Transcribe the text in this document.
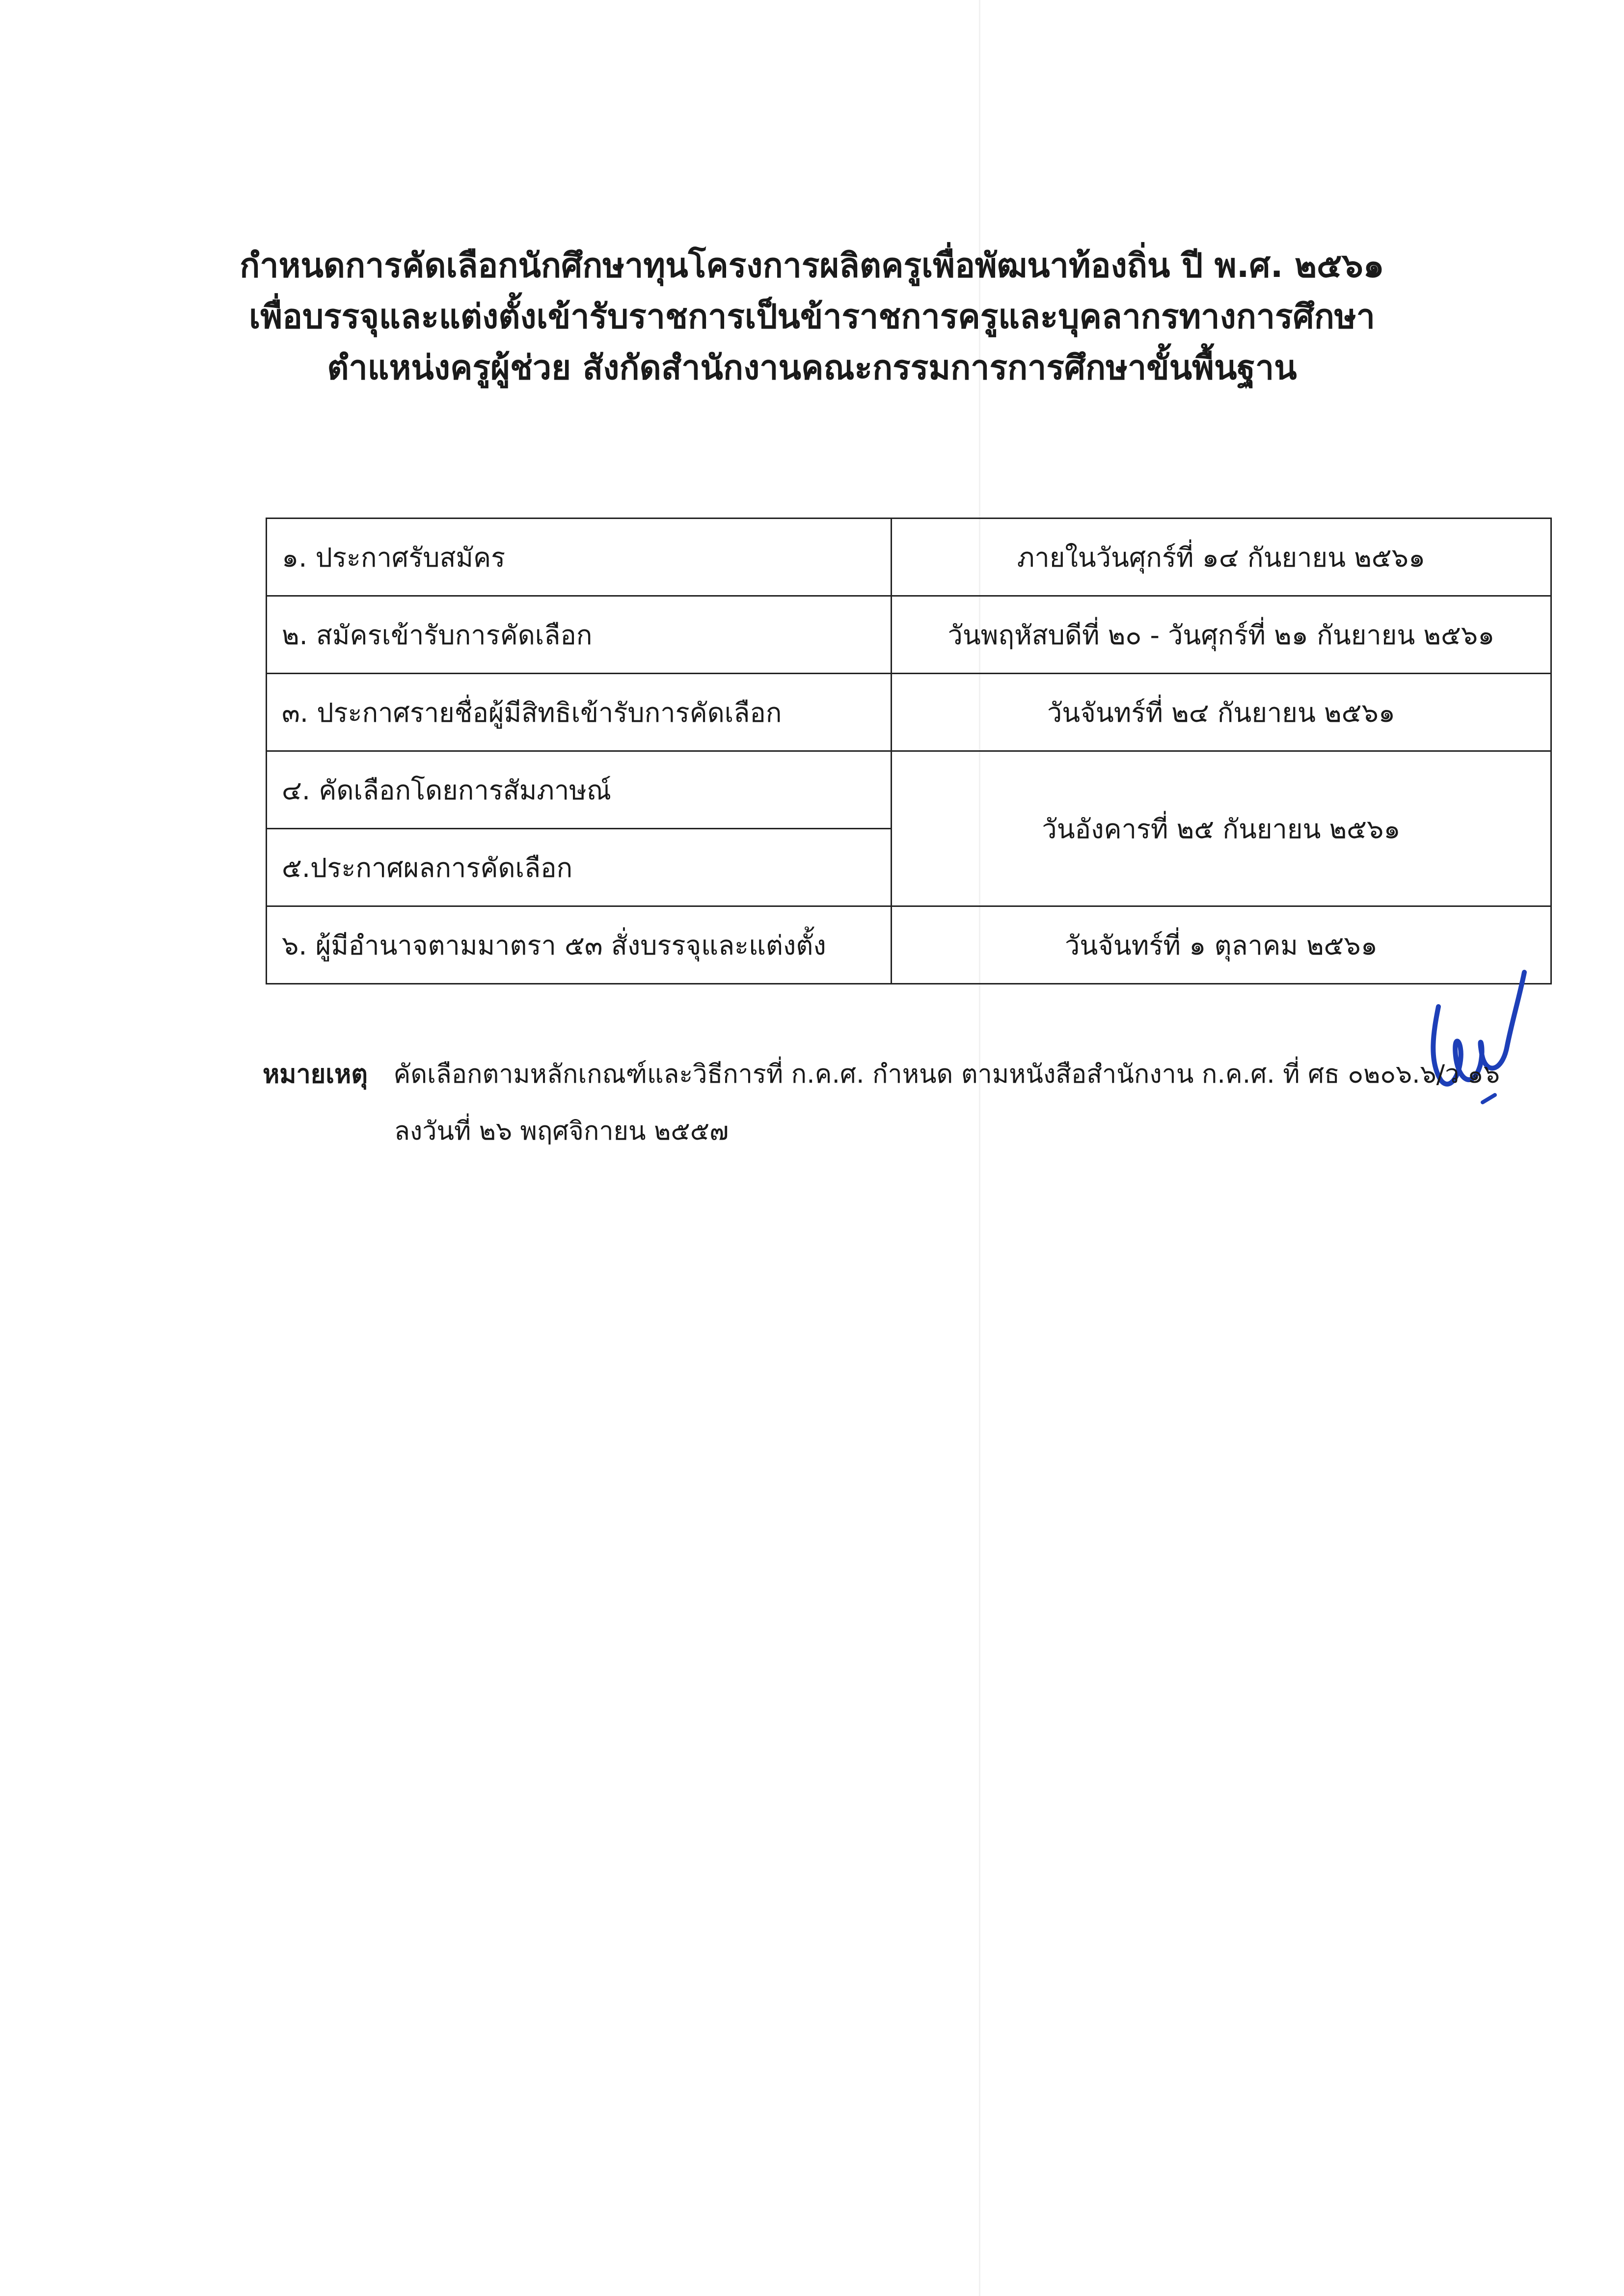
กำหนดการคัดเลือกนักศึกษาทุนโครงการผลิตครูเพื่อพัฒนาท้องถิ่น ปี พ.ศ. ๒๕๖๑
เพื่อบรรจุและแต่งตั้งเข้ารับราชการเป็นข้าราชการครูและบุคลากรทางการศึกษา
ตำแหน่งครูผู้ช่วย สังกัดสำนักงานคณะกรรมการการศึกษาขั้นพื้นฐาน
๑. ประกาศรับสมัคร	ภายในวันศุกร์ที่ ๑๔ กันยายน ๒๕๖๑
๒. สมัครเข้ารับการคัดเลือก	วันพฤหัสบดีที่ ๒๐ - วันศุกร์ที่ ๒๑ กันยายน ๒๕๖๑
๓. ประกาศรายชื่อผู้มีสิทธิเข้ารับการคัดเลือก	วันจันทร์ที่ ๒๔ กันยายน ๒๕๖๑
๔. คัดเลือกโดยการสัมภาษณ์	วันอังคารที่ ๒๕ กันยายน ๒๕๖๑
๕.ประกาศผลการคัดเลือก	
๖. ผู้มีอำนาจตามมาตรา ๕๓ สั่งบรรจุและแต่งตั้ง	วันจันทร์ที่ ๑ ตุลาคม ๒๕๖๑
หมายเหตุ คัดเลือกตามหลักเกณฑ์และวิธีการที่ ก.ค.ศ. กำหนด ตามหนังสือสำนักงาน ก.ค.ศ. ที่ ศธ ๐๒๐๖.๖/ว ๑๖
ลงวันที่ ๒๖ พฤศจิกายน ๒๕๕๗
